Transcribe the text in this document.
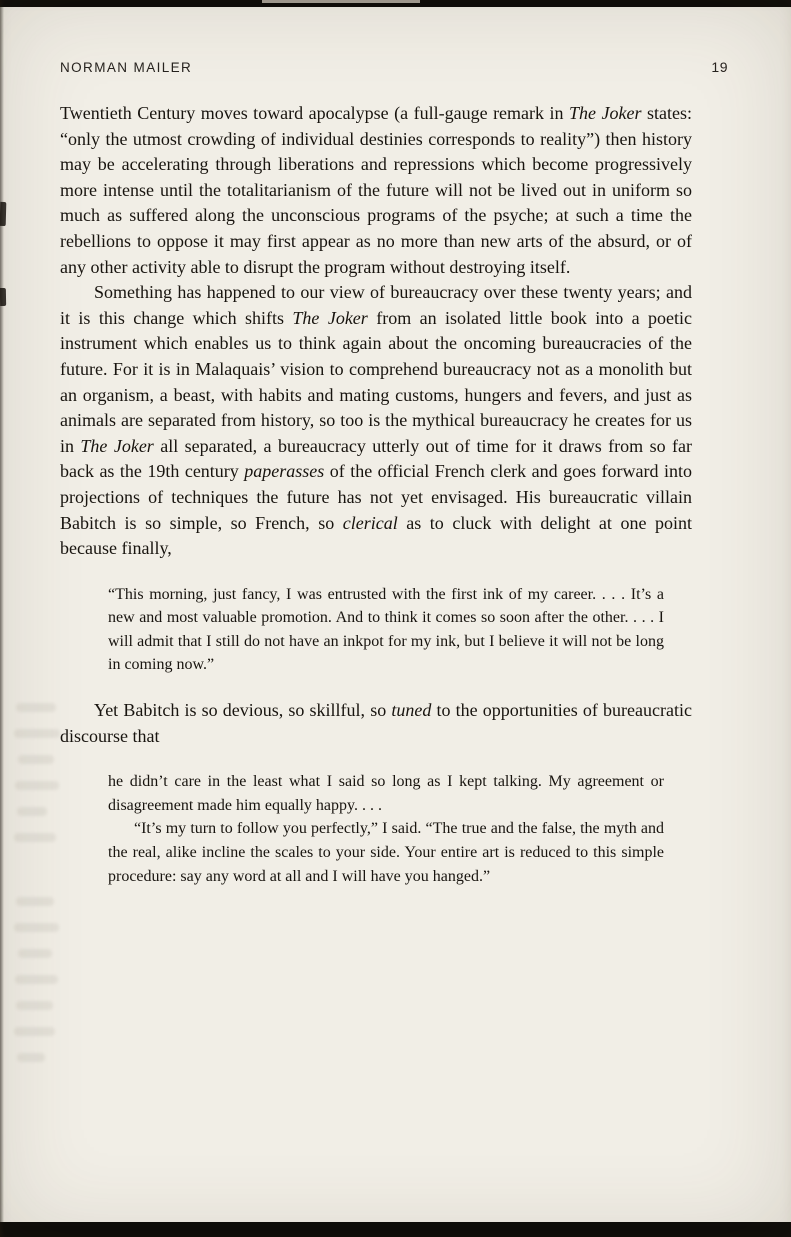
NORMAN MAILER	19

Twentieth Century moves toward apocalypse (a full-gauge remark in The Joker states: “only the utmost crowding of individual destinies corresponds to reality”) then history may be accelerating through liberations and repressions which become progressively more intense until the totalitarianism of the future will not be lived out in uniform so much as suffered along the unconscious programs of the psyche; at such a time the rebellions to oppose it may first appear as no more than new arts of the absurd, or of any other activity able to disrupt the program without destroying itself.

Something has happened to our view of bureaucracy over these twenty years; and it is this change which shifts The Joker from an isolated little book into a poetic instrument which enables us to think again about the oncoming bureaucracies of the future. For it is in Malaquais’ vision to comprehend bureaucracy not as a monolith but an organism, a beast, with habits and mating customs, hungers and fevers, and just as animals are separated from history, so too is the mythical bureaucracy he creates for us in The Joker all separated, a bureaucracy utterly out of time for it draws from so far back as the 19th century paperasses of the official French clerk and goes forward into projections of techniques the future has not yet envisaged. His bureaucratic villain Babitch is so simple, so French, so clerical as to cluck with delight at one point because finally,

“This morning, just fancy, I was entrusted with the first ink of my career. . . . It’s a new and most valuable promotion. And to think it comes so soon after the other. . . . I will admit that I still do not have an inkpot for my ink, but I believe it will not be long in coming now.”

Yet Babitch is so devious, so skillful, so tuned to the opportunities of bureaucratic discourse that

he didn’t care in the least what I said so long as I kept talking. My agreement or disagreement made him equally happy. . . .
“It’s my turn to follow you perfectly,” I said. “The true and the false, the myth and the real, alike incline the scales to your side. Your entire art is reduced to this simple procedure: say any word at all and I will have you hanged.”
